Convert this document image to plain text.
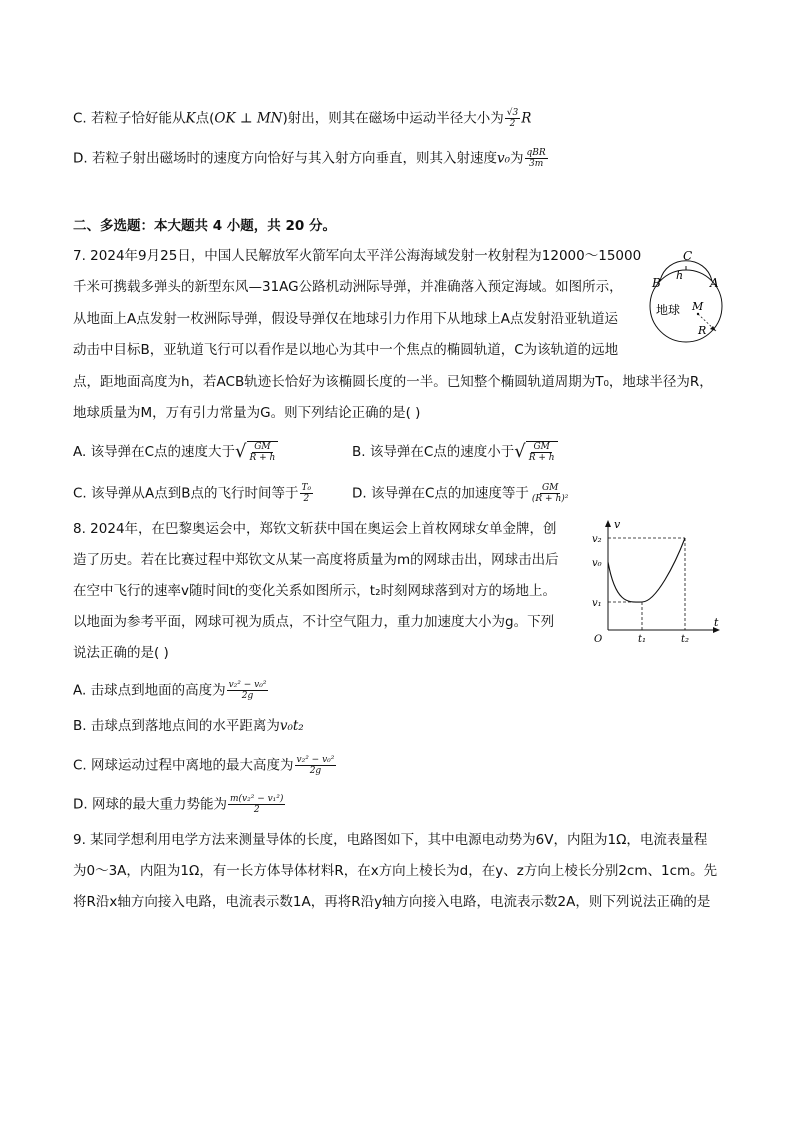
C. 若粒子恰好能从K点(OK ⊥ MN)射出，则其在磁场中运动半径大小为 $\frac{√3}{2}$ R
D. 若粒子射出磁场时的速度方向恰好与其入射方向垂直，则其入射速度v₀为 $\frac{\text{qBR}}{3m}$
二、多选题：本大题共 4 小题，共 20 分。
7. 2024年9月25日，中国人民解放军火箭军向太平洋公海海域发射一枚射程为12000～15000
千米可携载多弹头的新型东风—31AG公路机动洲际导弹，并准确落入预定海域。如图所示，
从地面上A点发射一枚洲际导弹，假设导弹仅在地球引力作用下从地球上A点发射沿亚轨道运
动击中目标B，亚轨道飞行可以看作是以地心为其中一个焦点的椭圆轨道，C为该轨道的远地
点，距地面高度为h，若ACB轨迹长恰好为该椭圆长度的一半。已知整个椭圆轨道周期为T₀，地球半径为R，
地球质量为M，万有引力常量为G。则下列结论正确的是( )
C
h
B	A
地球 M
R
A. 该导弹在C点的速度大于 √ $\frac{GM}{R + h}$	B. 该导弹在C点的速度小于 √ $\frac{GM}{R + h}$
C. 该导弹从A点到B点的飞行时间等于 $\frac{\text{T₀}}{2}$	D. 该导弹在C点的加速度等于 $\frac{GM}{\text{(R + h)²}}$
8. 2024年，在巴黎奥运会中，郑钦文斩获中国在奥运会上首枚网球女单金牌，创
造了历史。若在比赛过程中郑钦文从某一高度将质量为m的网球击出，网球击出后
在空中飞行的速率v随时间t的变化关系如图所示，t₂时刻网球落到对方的场地上。
以地面为参考平面，网球可视为质点，不计空气阻力，重力加速度大小为g。下列
说法正确的是( )
v
t
v₂
v₀
v₁
O	t₁	t₂
A. 击球点到地面的高度为 $\frac{\text{v₂² − v₀²}}{2g}$
B. 击球点到落地点间的水平距离为v₀t₂
C. 网球运动过程中离地的最大高度为 $\frac{\text{v₂² − v₀²}}{2g}$
D. 网球的最大重力势能为 $\frac{\text{m(v₂² − v₁²)}}{2}$
9. 某同学想利用电学方法来测量导体的长度，电路图如下，其中电源电动势为6V，内阻为1Ω，电流表量程
为0～3A，内阻为1Ω，有一长方体导体材料R，在x方向上棱长为d，在y、z方向上棱长分别2cm、1cm。先
将R沿x轴方向接入电路，电流表示数1A，再将R沿y轴方向接入电路，电流表示数2A，则下列说法正确的是
